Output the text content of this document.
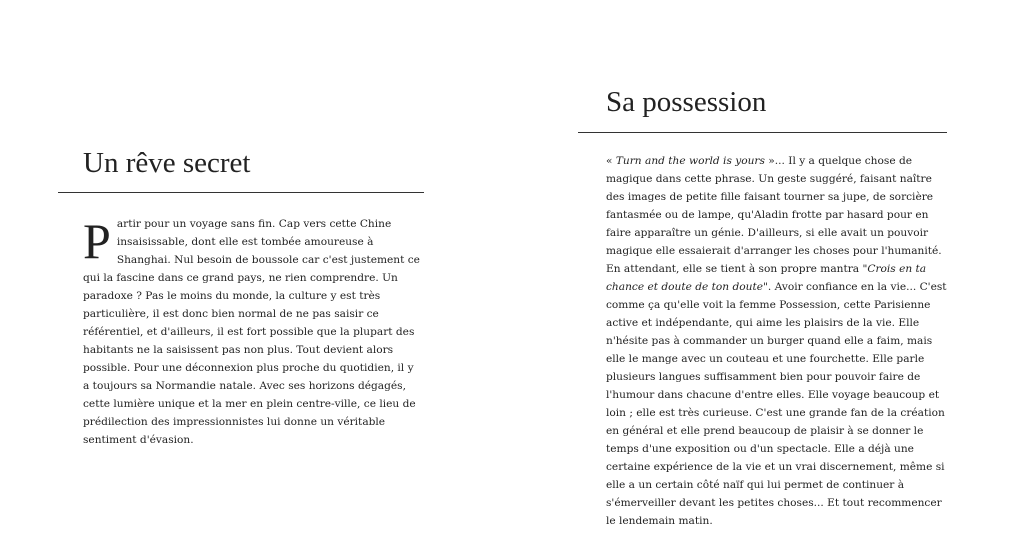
Un rêve secret

Partir pour un voyage sans fin. Cap vers cette Chine insaisissable, dont elle est tombée amoureuse à Shanghai. Nul besoin de boussole car c'est justement ce qui la fascine dans ce grand pays, ne rien comprendre. Un paradoxe ? Pas le moins du monde, la culture y est très particulière, il est donc bien normal de ne pas saisir ce référentiel, et d'ailleurs, il est fort possible que la plupart des habitants ne la saisissent pas non plus. Tout devient alors possible. Pour une déconnexion plus proche du quotidien, il y a toujours sa Normandie natale. Avec ses horizons dégagés, cette lumière unique et la mer en plein centre-ville, ce lieu de prédilection des impressionnistes lui donne un véritable sentiment d'évasion.

Sa possession

« Turn and the world is yours »... Il y a quelque chose de magique dans cette phrase. Un geste suggéré, faisant naître des images de petite fille faisant tourner sa jupe, de sorcière fantasmée ou de lampe, qu'Aladin frotte par hasard pour en faire apparaître un génie. D'ailleurs, si elle avait un pouvoir magique elle essaierait d'arranger les choses pour l'humanité. En attendant, elle se tient à son propre mantra "Crois en ta chance et doute de ton doute". Avoir confiance en la vie... C'est comme ça qu'elle voit la femme Possession, cette Parisienne active et indépendante, qui aime les plaisirs de la vie. Elle n'hésite pas à commander un burger quand elle a faim, mais elle le mange avec un couteau et une fourchette. Elle parle plusieurs langues suffisamment bien pour pouvoir faire de l'humour dans chacune d'entre elles. Elle voyage beaucoup et loin ; elle est très curieuse. C'est une grande fan de la création en général et elle prend beaucoup de plaisir à se donner le temps d'une exposition ou d'un spectacle. Elle a déjà une certaine expérience de la vie et un vrai discernement, même si elle a un certain côté naïf qui lui permet de continuer à s'émerveiller devant les petites choses... Et tout recommencer le lendemain matin.
